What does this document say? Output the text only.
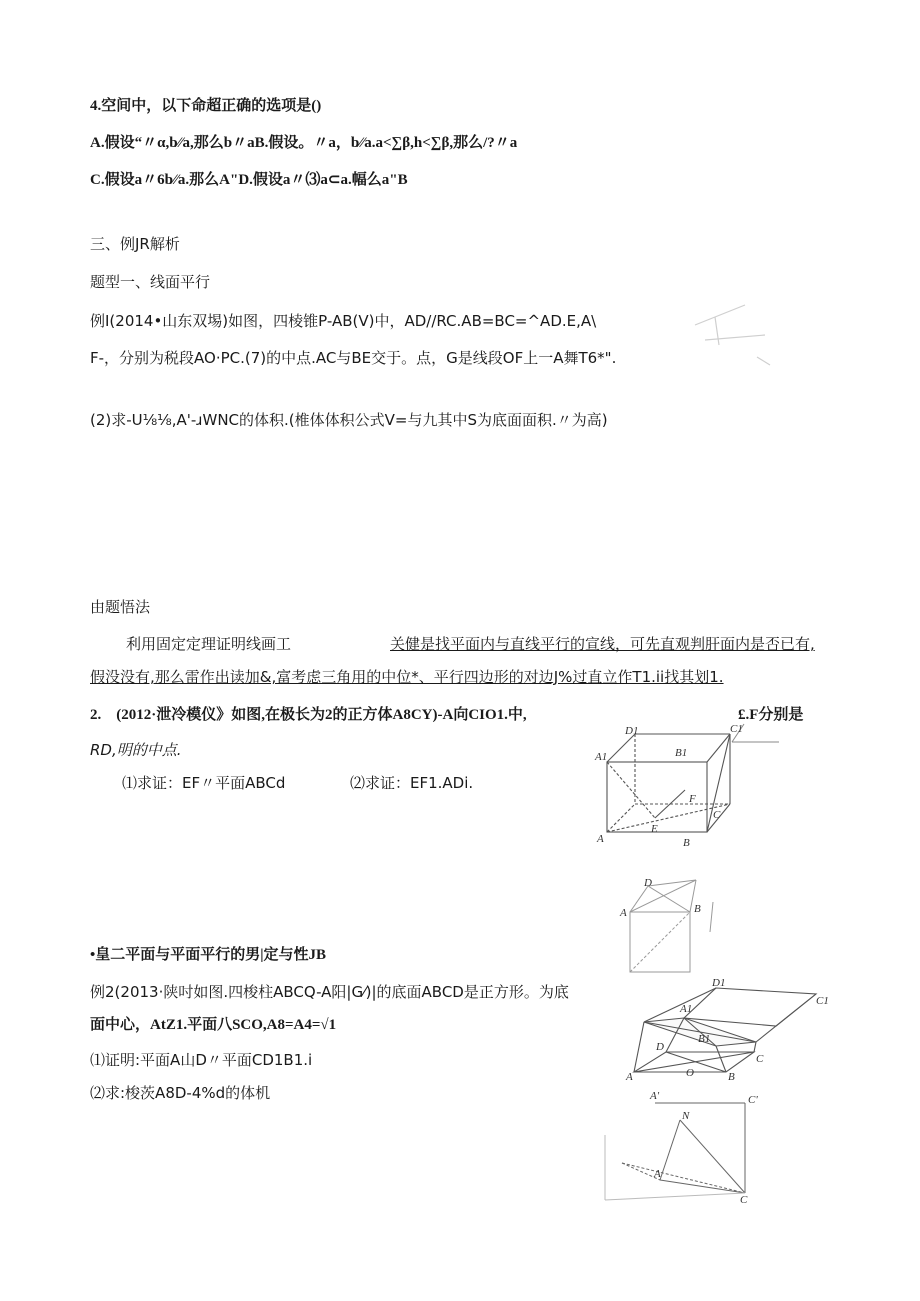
4.空间中，以下命超正确的选项是()
A.假设“〃α,b⁄⁄a,那么b〃aB.假设。〃a，b⁄⁄a.a<∑β,h<∑β,那么/?〃a
C.假设a〃6b⁄⁄a.那么A"D.假设a〃⑶a⊂a.幅么a"B
三、例JR解析
题型一、线面平行
例I(2014•山东双埸)如图，四棱锥P-AB(V)中，AD//RC.AB=BC=^AD.E,A\
F-，分别为税段AO·PC.(7)的中点.AC与BE交于。点，G是线段OF上一A舞T6*".
(2)求-U⅛⅛,A'-ɹWNC的体积.(椎体体积公式V=与九其中S为底面面积.〃为高)
由题悟法
利用固定定理证明线画工	关健是找平面内与直线平行的宣线，可先直观判肝面内是否已有,
假没没有,那么雷作出读加&,富考虑三角用的中位*、平行四边形的对边J%过直立作T1.ii找其划1.
2.　(2012·泄冷模仪》如图,在极长为2的正方体A8CY)-A向CIO1.中,	£.F分别是
RD,明的中点.
⑴求证：EF〃平面ABCd	⑵求证：EF1.ADi.
D1	C1
A1	B1
F
E
A	B
C
D
A	B
•皇二平面与平面平行的男|定与性JB
例2(2013·陕吋如图.四梭柱ABCQ-A阳|G⁄)|的底面ABCD是正方形。为底
面中心，AtZ1.平面八SCO,A8=A4=√1
⑴证明:平面A山D〃平面CD1B1.i
⑵求:梭茨A8D-4%d的体机
D1
C1
A1
B1
D
C
A	O	B
A'	C'
N
A
C
